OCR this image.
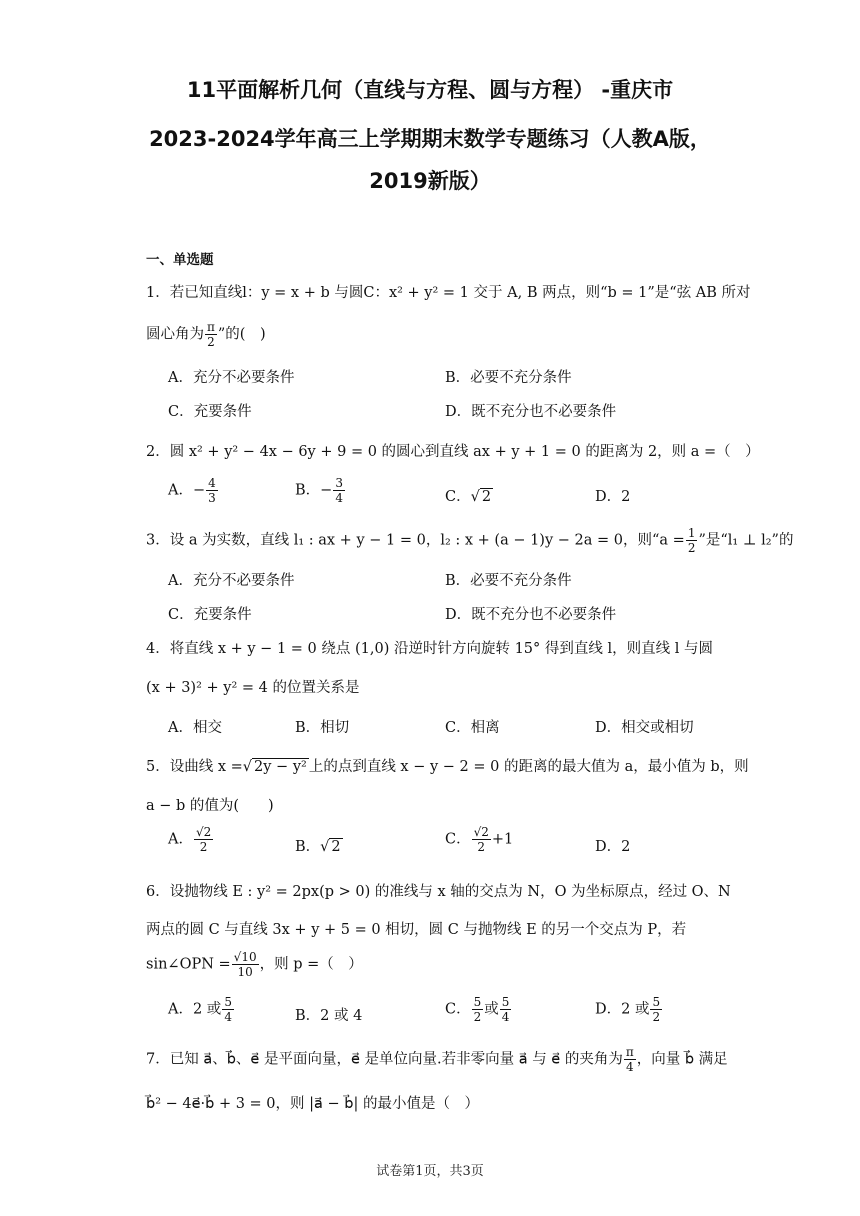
11平面解析几何（直线与方程、圆与方程） -重庆市
2023-2024学年高三上学期期末数学专题练习（人教A版，
2019新版）
一、单选题
1．若已知直线l：y = x + b 与圆C：x² + y² = 1 交于 A, B 两点，则“b = 1”是“弦 AB 所对
圆心角为 $\frac{\pi}{2}$ ”的(　)
A．充分不必要条件	B．必要不充分条件
C．充要条件	D．既不充分也不必要条件
2．圆 x² + y² − 4x − 6y + 9 = 0 的圆心到直线 ax + y + 1 = 0 的距离为 2，则 a =（　）
A．− $\frac{4}{3}$	B．− $\frac{3}{4}$	C．√ 2	D．2
3．设 a 为实数，直线 l₁ : ax + y − 1 = 0，l₂ : x + (a − 1)y − 2a = 0，则“$a = \frac{1}{2}$ ”是“l₁ ⊥ l₂”的
A．充分不必要条件	B．必要不充分条件
C．充要条件	D．既不充分也不必要条件
4．将直线 x + y − 1 = 0 绕点 (1,0) 沿逆时针方向旋转 15° 得到直线 l，则直线 l 与圆
(x + 3)² + y² = 4 的位置关系是
A．相交	B．相切	C．相离	D．相交或相切
5．设曲线 x =√ 2y − y² 上的点到直线 x − y − 2 = 0 的距离的最大值为 a，最小值为 b，则
a − b 的值为(　　)
A． $\frac{√2}{2}$	B．√ 2	C． $\frac{√2}{2} +1$	D．2
6．设抛物线 E : y² = 2px(p > 0) 的准线与 x 轴的交点为 N，O 为坐标原点，经过 O、N
两点的圆 C 与直线 3x + y + 5 = 0 相切，圆 C 与抛物线 E 的另一个交点为 P，若
sin∠OPN = $\frac{√10}{10}$ ，则 p =（　）
A．2 或 $\frac{5}{4}$	B．2 或 4	C． $\frac{5}{2}$ 或 $\frac{5}{4}$	D．2 或 $\frac{5}{2}$
7．已知 a⃗、b⃗、e⃗ 是平面向量，e⃗ 是单位向量.若非零向量 a⃗ 与 e⃗ 的夹角为 $\frac{\pi}{4}$ ，向量 b⃗ 满足
b⃗² − 4e⃗·b⃗ + 3 = 0，则 |a⃗ − b⃗| 的最小值是（　）
试卷第1页，共3页
